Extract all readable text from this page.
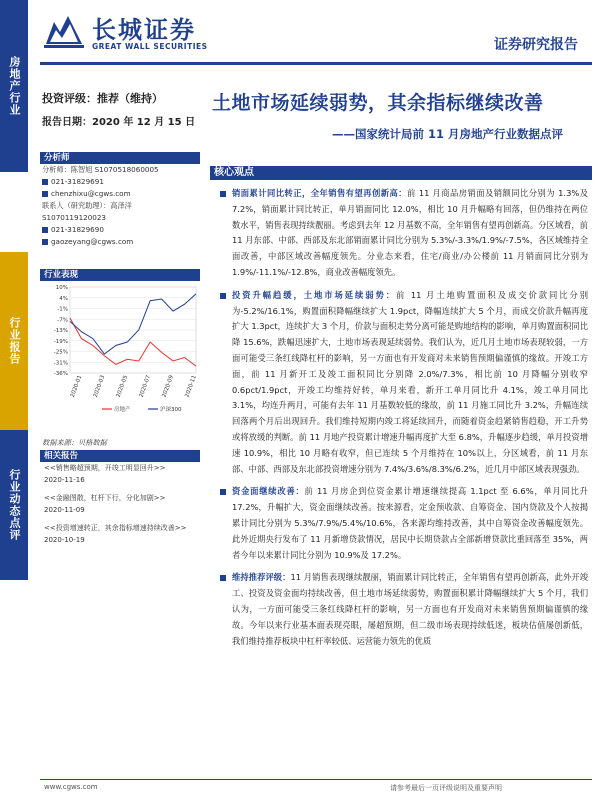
房地产行业
行业报告
行业动态点评
长城证券
GREAT WALL SECURITIES	证券研究报告
投资评级：推荐（维持）
报告日期：2020 年 12 月 15 日
土地市场延续弱势，其余指标继续改善
——国家统计局前 11 月房地产行业数据点评
分析师
分析师：陈智旭 S1070518060005
021-31829691
chenzhixu@cgws.com
联系人（研究助理）：高泽洋
S1070119120023
021-31829690
gaozeyang@cgws.com
行业表现
10%
4%
-1%
-7%
-13%
-19%
-25%
-31%
-36%
2020-01 2020-03 2020-05 2020-07 2020-09 2020-11
房地产	沪深300
数据来源：贝格数据
相关报告
<<销售略超预期，开竣工明显回升>>
2020-11-16
<<金融图散，杠杆下行，分化加剧>>
2020-11-09
<<投资增速转正，其余指标增速持续改善>>
2020-10-19
核心观点
销面累计同比转正，全年销售有望再创新高：前 11 月商品房销面及销额同比分别为 1.3%及 7.2%，销面累计同比转正，单月销面同比 12.0%，相比 10 月升幅略有回落，但仍维持在两位数水平，销售表现持续靓丽。考虑到去年 12 月基数不高，全年销售有望再创新高。分区域看，前 11 月东部、中部、西部及东北部销面累计同比分别为 5.3%/-3.3%/1.9%/-7.5%，各区域维持全面改善，中部区域改善幅度领先。分业态来看，住宅/商业/办公楼前 11 月销面同比分别为 1.9%/-11.1%/-12.8%，商业改善幅度领先。
投资升幅趋缓，土地市场延续弱势：前 11 月土地购置面积及成交价款同比分别为-5.2%/16.1%，购置面积降幅继续扩大 1.9pct，降幅连续扩大 5 个月，而成交价款升幅再度扩大 1.3pct，连续扩大 3 个月，价款与面积走势分离可能是购地结构的影响，单月购置面积同比降 15.6%，跌幅迅速扩大，土地市场表现延续弱势。我们认为，近几月土地市场表现较弱，一方面可能受三条红线降杠杆的影响，另一方面也有开发商对未来销售预期偏谨慎的缘故。开竣工方面，前 11 月新开工及竣工面积同比分别降 2.0%/7.3%，相比前 10 月降幅分别收窄 0.6pct/1.9pct，开竣工均维持好转，单月来看，新开工单月同比升 4.1%，竣工单月同比 3.1%，均连升两月，可能有去年 11 月基数较低的缘故，前 11 月施工同比升 3.2%，升幅连续回落两个月后出现回升。我们维持短期内竣工将延续回升，而随着资金趋紧销售趋稳，开工升势或将放缓的判断。前 11 月地产投资累计增速升幅再度扩大至 6.8%，升幅逐步趋缓，单月投资增速 10.9%，相比 10 月略有收窄，但已连续 5 个月维持在 10%以上，分区域看，前 11 月东部、中部、西部及东北部投资增速分别为 7.4%/3.6%/8.3%/6.2%，近几月中部区域表现强劲。
资金面继续改善：前 11 月房企到位资金累计增速继续提高 1.1pct 至 6.6%，单月同比升 17.2%，升幅扩大，资金面继续改善。按来源看，定金预收款、自筹资金、国内贷款及个人按揭累计同比分别为 5.3%/7.9%/5.4%/10.6%，各来源均维持改善，其中自筹资金改善幅度领先。此外近期央行发布了 11 月新增贷款情况，居民中长期贷款占全部新增贷款比重回落至 35%，两者今年以来累计同比分别为 10.9%及 17.2%。
维持推荐评级：11 月销售表现继续靓丽，销面累计同比转正，全年销售有望再创新高，此外开竣工、投资及资金面均持续改善，但土地市场延续弱势，购置面积累计降幅继续扩大 5 个月，我们认为，一方面可能受三条红线降杠杆的影响，另一方面也有开发商对未来销售预期偏谨慎的缘故。今年以来行业基本面表现亮眼，屡超预期，但二级市场表现持续低迷，板块估值屡创新低，我们维持推荐板块中杠杆率较低、运营能力领先的优质
www.cgws.com	请参考最后一页评级说明及重要声明
